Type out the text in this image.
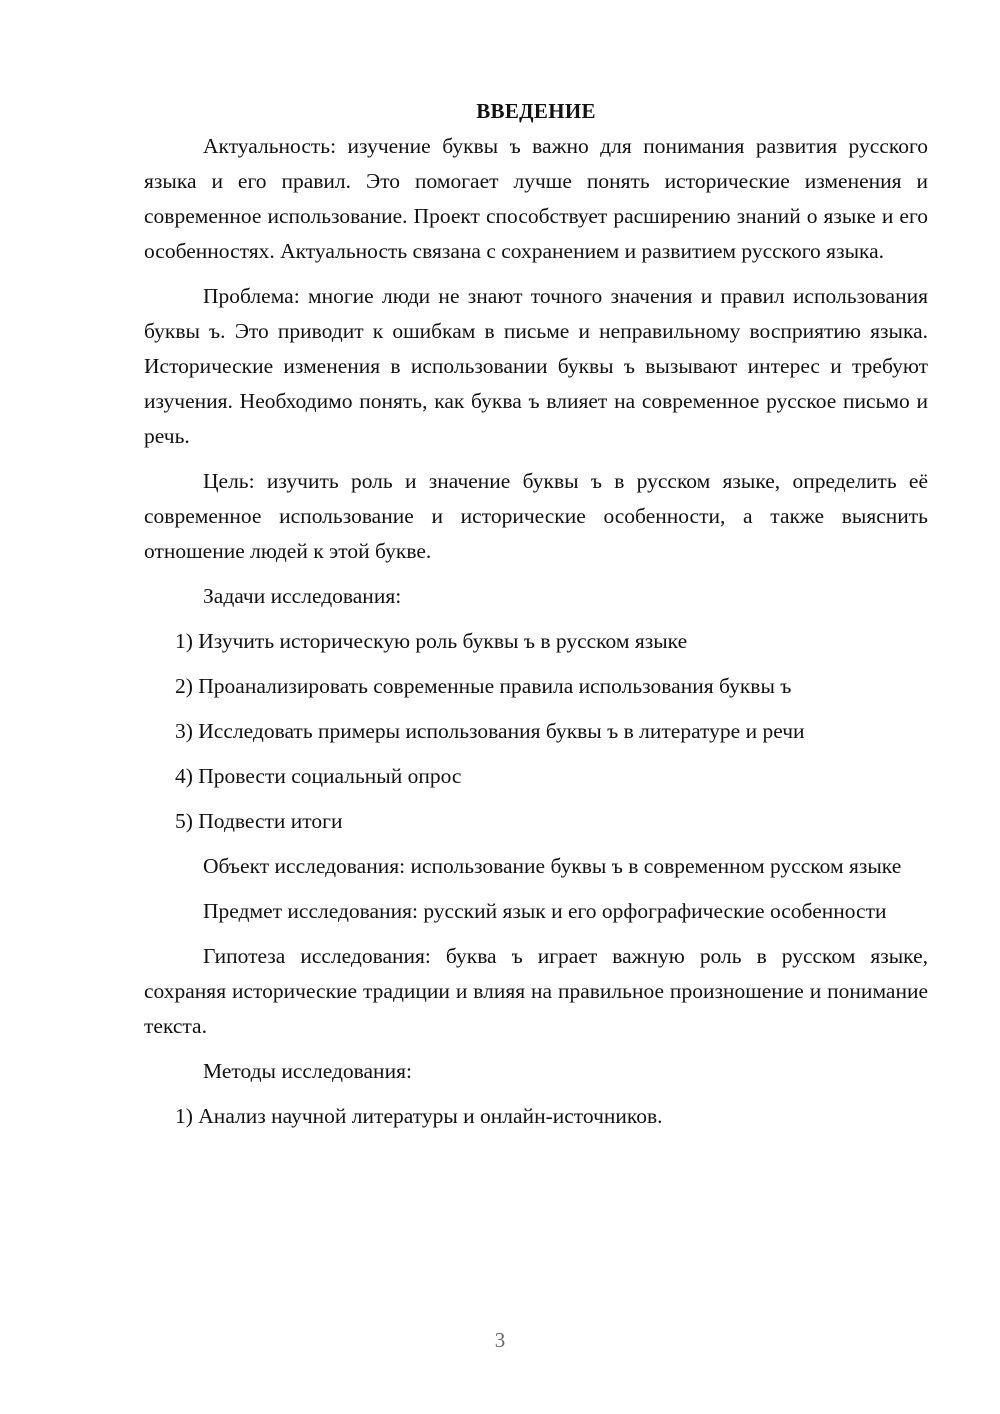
ВВЕДЕНИЕ

Актуальность: изучение буквы ъ важно для понимания развития русского языка и его правил. Это помогает лучше понять исторические изменения и современное использование. Проект способствует расширению знаний о языке и его особенностях. Актуальность связана с сохранением и развитием русского языка.

Проблема: многие люди не знают точного значения и правил использования буквы ъ. Это приводит к ошибкам в письме и неправильному восприятию языка. Исторические изменения в использовании буквы ъ вызывают интерес и требуют изучения. Необходимо понять, как буква ъ влияет на современное русское письмо и речь.

Цель: изучить роль и значение буквы ъ в русском языке, определить её современное использование и исторические особенности, а также выяснить отношение людей к этой букве.

Задачи исследования:
1) Изучить историческую роль буквы ъ в русском языке
2) Проанализировать современные правила использования буквы ъ
3) Исследовать примеры использования буквы ъ в литературе и речи
4) Провести социальный опрос
5) Подвести итоги

Объект исследования: использование буквы ъ в современном русском языке

Предмет исследования: русский язык и его орфографические особенности

Гипотеза исследования: буква ъ играет важную роль в русском языке, сохраняя исторические традиции и влияя на правильное произношение и понимание текста.

Методы исследования:
1) Анализ научной литературы и онлайн-источников.
3
